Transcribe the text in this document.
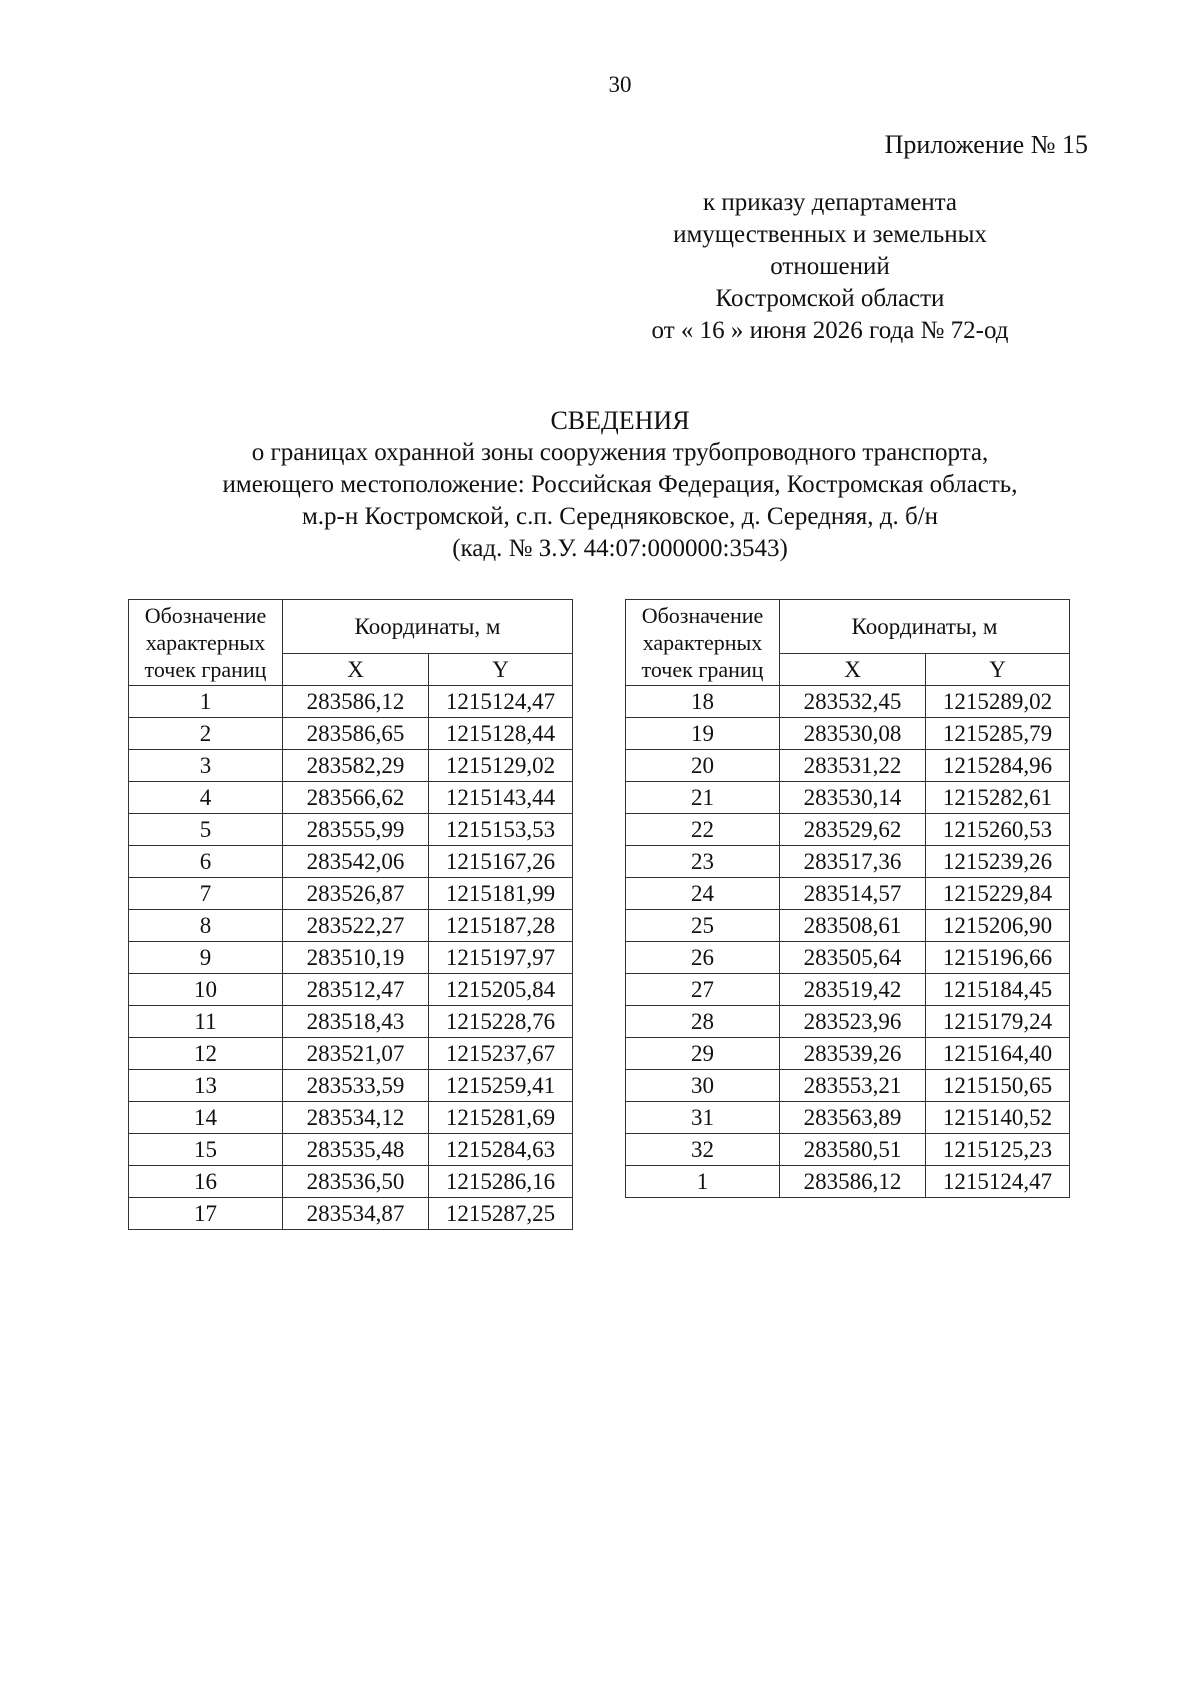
30
Приложение № 15
к приказу департамента
имущественных и земельных
отношений
Костромской области
от « 16 » июня 2026 года № 72-од
СВЕДЕНИЯ
о границах охранной зоны сооружения трубопроводного транспорта,
имеющего местоположение: Российская Федерация, Костромская область,
м.р-н Костромской, с.п. Середняковское, д. Середняя, д. б/н
(кад. № З.У. 44:07:000000:3543)
Обозначение характерных точек границ	Координаты, м	
	X	Y
1	283586,12	1215124,47
2	283586,65	1215128,44
3	283582,29	1215129,02
4	283566,62	1215143,44
5	283555,99	1215153,53
6	283542,06	1215167,26
7	283526,87	1215181,99
8	283522,27	1215187,28
9	283510,19	1215197,97
10	283512,47	1215205,84
11	283518,43	1215228,76
12	283521,07	1215237,67
13	283533,59	1215259,41
14	283534,12	1215281,69
15	283535,48	1215284,63
16	283536,50	1215286,16
17	283534,87	1215287,25
Обозначение характерных точек границ	Координаты, м	
	X	Y
18	283532,45	1215289,02
19	283530,08	1215285,79
20	283531,22	1215284,96
21	283530,14	1215282,61
22	283529,62	1215260,53
23	283517,36	1215239,26
24	283514,57	1215229,84
25	283508,61	1215206,90
26	283505,64	1215196,66
27	283519,42	1215184,45
28	283523,96	1215179,24
29	283539,26	1215164,40
30	283553,21	1215150,65
31	283563,89	1215140,52
32	283580,51	1215125,23
1	283586,12	1215124,47
